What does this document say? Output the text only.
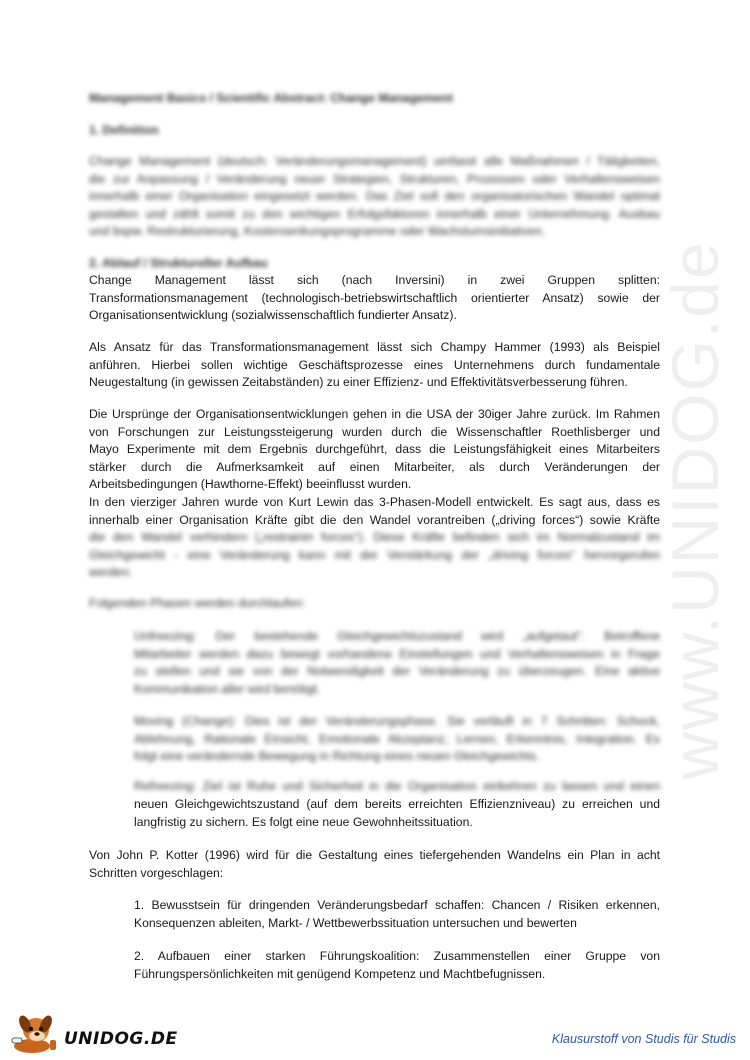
www.UNIDOG.de

Management Basics / Scientific Abstract: Change Management

1. Definition

Change Management (deutsch: Veränderungsmanagement) umfasst alle Maßnahmen / Tätigkeiten,

die zur Anpassung / Veränderung neuer Strategien, Strukturen, Prozessen oder Verhaltensweisen

innerhalb einer Organisation eingesetzt werden. Das Ziel soll den organisatorischen Wandel optimal

gestalten und zählt somit zu den wichtigen Erfolgsfaktoren innerhalb einer Unternehmung. Ausbau

und bspw. Restrukturierung, Kostensenkungsprogramme oder Wachstumsinitiativen.

2. Ablauf / Struktureller Aufbau

Change Management lässt sich (nach Inversini) in zwei Gruppen splitten:

Transformationsmanagement (technologisch-betriebswirtschaftlich orientierter Ansatz) sowie der

Organisationsentwicklung (sozialwissenschaftlich fundierter Ansatz).

Als Ansatz für das Transformationsmanagement lässt sich Champy Hammer (1993) als Beispiel

anführen. Hierbei sollen wichtige Geschäftsprozesse eines Unternehmens durch fundamentale

Neugestaltung (in gewissen Zeitabständen) zu einer Effizienz- und Effektivitätsverbesserung führen.

Die Ursprünge der Organisationsentwicklungen gehen in die USA der 30iger Jahre zurück. Im Rahmen

von Forschungen zur Leistungssteigerung wurden durch die Wissenschaftler Roethlisberger und

Mayo Experimente mit dem Ergebnis durchgeführt, dass die Leistungsfähigkeit eines Mitarbeiters

stärker durch die Aufmerksamkeit auf einen Mitarbeiter, als durch Veränderungen der

Arbeitsbedingungen (Hawthorne-Effekt) beeinflusst wurden.

In den vierziger Jahren wurde von Kurt Lewin das 3-Phasen-Modell entwickelt. Es sagt aus, dass es

innerhalb einer Organisation Kräfte gibt die den Wandel vorantreiben („driving forces“) sowie Kräfte

die den Wandel verhindern („restrainin forces“). Diese Kräfte befinden sich im Normalzustand im

Gleichgewicht - eine Veränderung kann mit der Verstärkung der „driving forces“ hervorgerufen

werden.

Folgenden Phasen werden durchlaufen:

Unfreezing: Der bestehende Gleichgewichtszustand wird „aufgetaut“. Betroffene

Mitarbeiter werden dazu bewegt vorhandene Einstellungen und Verhaltensweisen in Frage

zu stellen und sie von der Notwendigkeit der Veränderung zu überzeugen. Eine aktive

Kommunikation aller wird benötigt.

Moving (Change): Dies ist der Veränderungsphase. Sie verläuft in 7 Schritten: Schock,

Ablehnung, Rationale Einsicht, Emotionale Akzeptanz, Lernen, Erkenntnis, Integration. Es

folgt eine verändernde Bewegung in Richtung eines neuen Gleichgewichts.

Refreezing: Ziel ist Ruhe und Sicherheit in die Organisation einkehren zu lassen und einen

neuen Gleichgewichtszustand (auf dem bereits erreichten Effizienzniveau) zu erreichen und

langfristig zu sichern. Es folgt eine neue Gewohnheitssituation.

Von John P. Kotter (1996) wird für die Gestaltung eines tiefergehenden Wandelns ein Plan in acht

Schritten vorgeschlagen:

1. Bewusstsein für dringenden Veränderungsbedarf schaffen: Chancen / Risiken erkennen,

Konsequenzen ableiten, Markt- / Wettbewerbssituation untersuchen und bewerten

2. Aufbauen einer starken Führungskoalition: Zusammenstellen einer Gruppe von

Führungspersönlichkeiten mit genügend Kompetenz und Machtbefugnissen.

UNIDOG.DE	Klausurstoff von Studis für Studis
